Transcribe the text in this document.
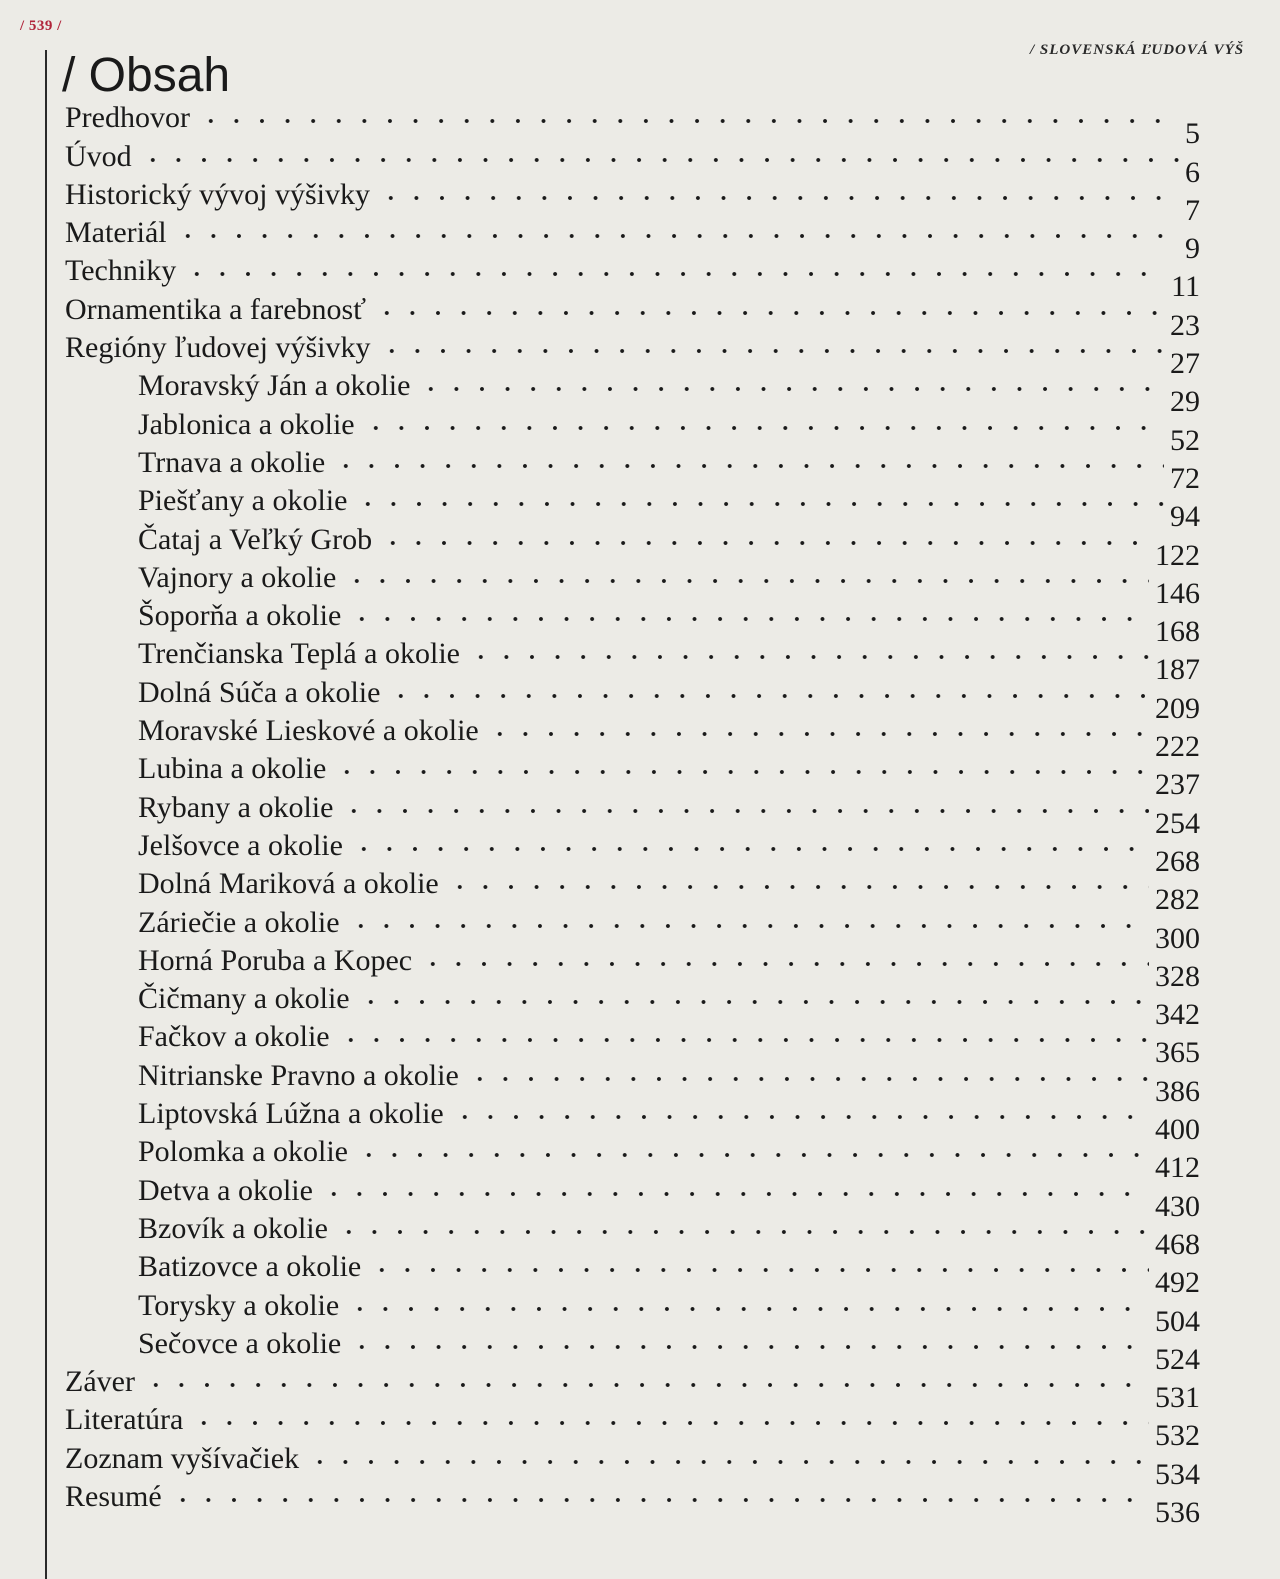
/ 539 /
/ SLOVENSKÁ ĽUDOVÁ VÝŠ
/ Obsah
Predhovor	5
Úvod	6
Historický vývoj výšivky	7
Materiál	9
Techniky	11
Ornamentika a farebnosť	23
Regióny ľudovej výšivky	27
Moravský Ján a okolie	29
Jablonica a okolie	52
Trnava a okolie	72
Piešťany a okolie	94
Čataj a Veľký Grob	122
Vajnory a okolie	146
Šoporňa a okolie	168
Trenčianska Teplá a okolie	187
Dolná Súča a okolie	209
Moravské Lieskové a okolie	222
Lubina a okolie	237
Rybany a okolie	254
Jelšovce a okolie	268
Dolná Mariková a okolie	282
Záriečie a okolie	300
Horná Poruba a Kopec	328
Čičmany a okolie	342
Fačkov a okolie	365
Nitrianske Pravno a okolie	386
Liptovská Lúžna a okolie	400
Polomka a okolie	412
Detva a okolie	430
Bzovík a okolie	468
Batizovce a okolie	492
Torysky a okolie	504
Sečovce a okolie	524
Záver	531
Literatúra	532
Zoznam vyšívačiek	534
Resumé	536
